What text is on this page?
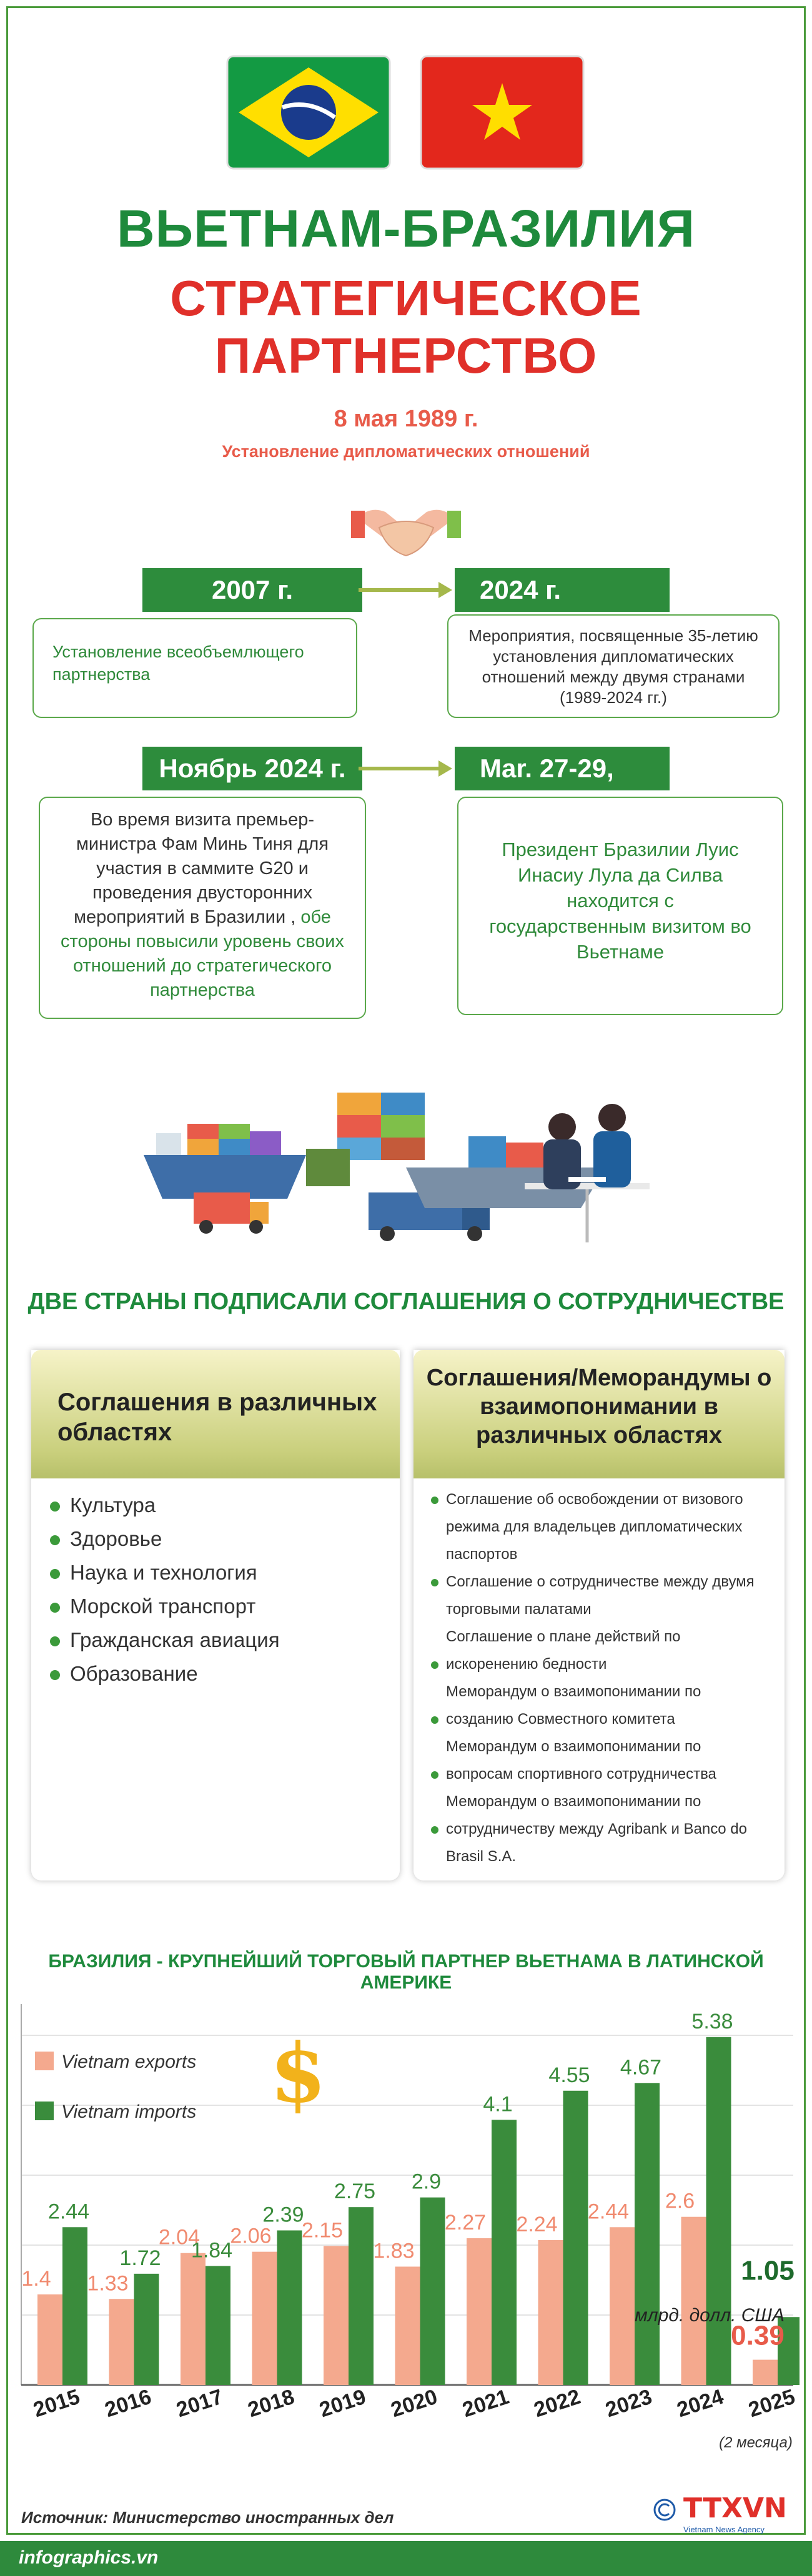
ВЬЕТНАМ-БРАЗИЛИЯ
СТРАТЕГИЧЕСКОЕ ПАРТНЕРСТВО
8 мая 1989 г.
Установление дипломатических отношений
2007 г.	2024 г.
Установление всеобъемлющего партнерства
Мероприятия, посвященные 35-летию установления дипломатических отношений между двумя странами (1989-2024 гг.)
Ноябрь 2024 г.	Mar. 27-29,
Во время визита премьер-министра Фам Минь Тиня для участия в саммите G20 и проведения двусторонних мероприятий в Бразилии , обе стороны повысили уровень своих отношений до стратегического партнерства
Президент Бразилии Луис Инасиу Лула да Силва находится с государственным визитом во Вьетнаме
ДВЕ СТРАНЫ ПОДПИСАЛИ СОГЛАШЕНИЯ О СОТРУДНИЧЕСТВЕ
Соглашения в различных областях
Культура
Здоровье
Наука и технология
Морской транспорт
Гражданская авиация
Образование
Соглашения/Меморандумы о взаимопонимании в различных областях
Соглашение об освобождении от визового
режима для владельцев дипломатических
паспортов
Соглашение о сотрудничестве между двумя
торговыми палатами
Соглашение о плане действий по
искоренению бедности
Меморандум о взаимопонимании по
созданию Совместного комитета
Меморандум о взаимопонимании по
вопросам спортивного сотрудничества
Меморандум о взаимопонимании по
сотрудничеству между Agribank и Banco do
Brasil S.A.
БРАЗИЛИЯ - КРУПНЕЙШИЙ ТОРГОВЫЙ ПАРТНЕР ВЬЕТНАМА В ЛАТИНСКОЙ АМЕРИКЕ
1.4
2.44
2015
1.33
1.72
2016
2.04
1.84
2017
2.06
2.39
2018
2.15
2.75
2019
1.83
2.9
2020
2.27
4.1
2021
2.24
4.55
2022
2.44
4.67
2023
2.6
5.38
2024
0.39
1.05
2025
(2 месяца)
млрд. долл. США
Vietnam exports
Vietnam imports $
Источник: Министерство иностранных дел	TTXVN
Vietnam News Agency
infographics.vn
